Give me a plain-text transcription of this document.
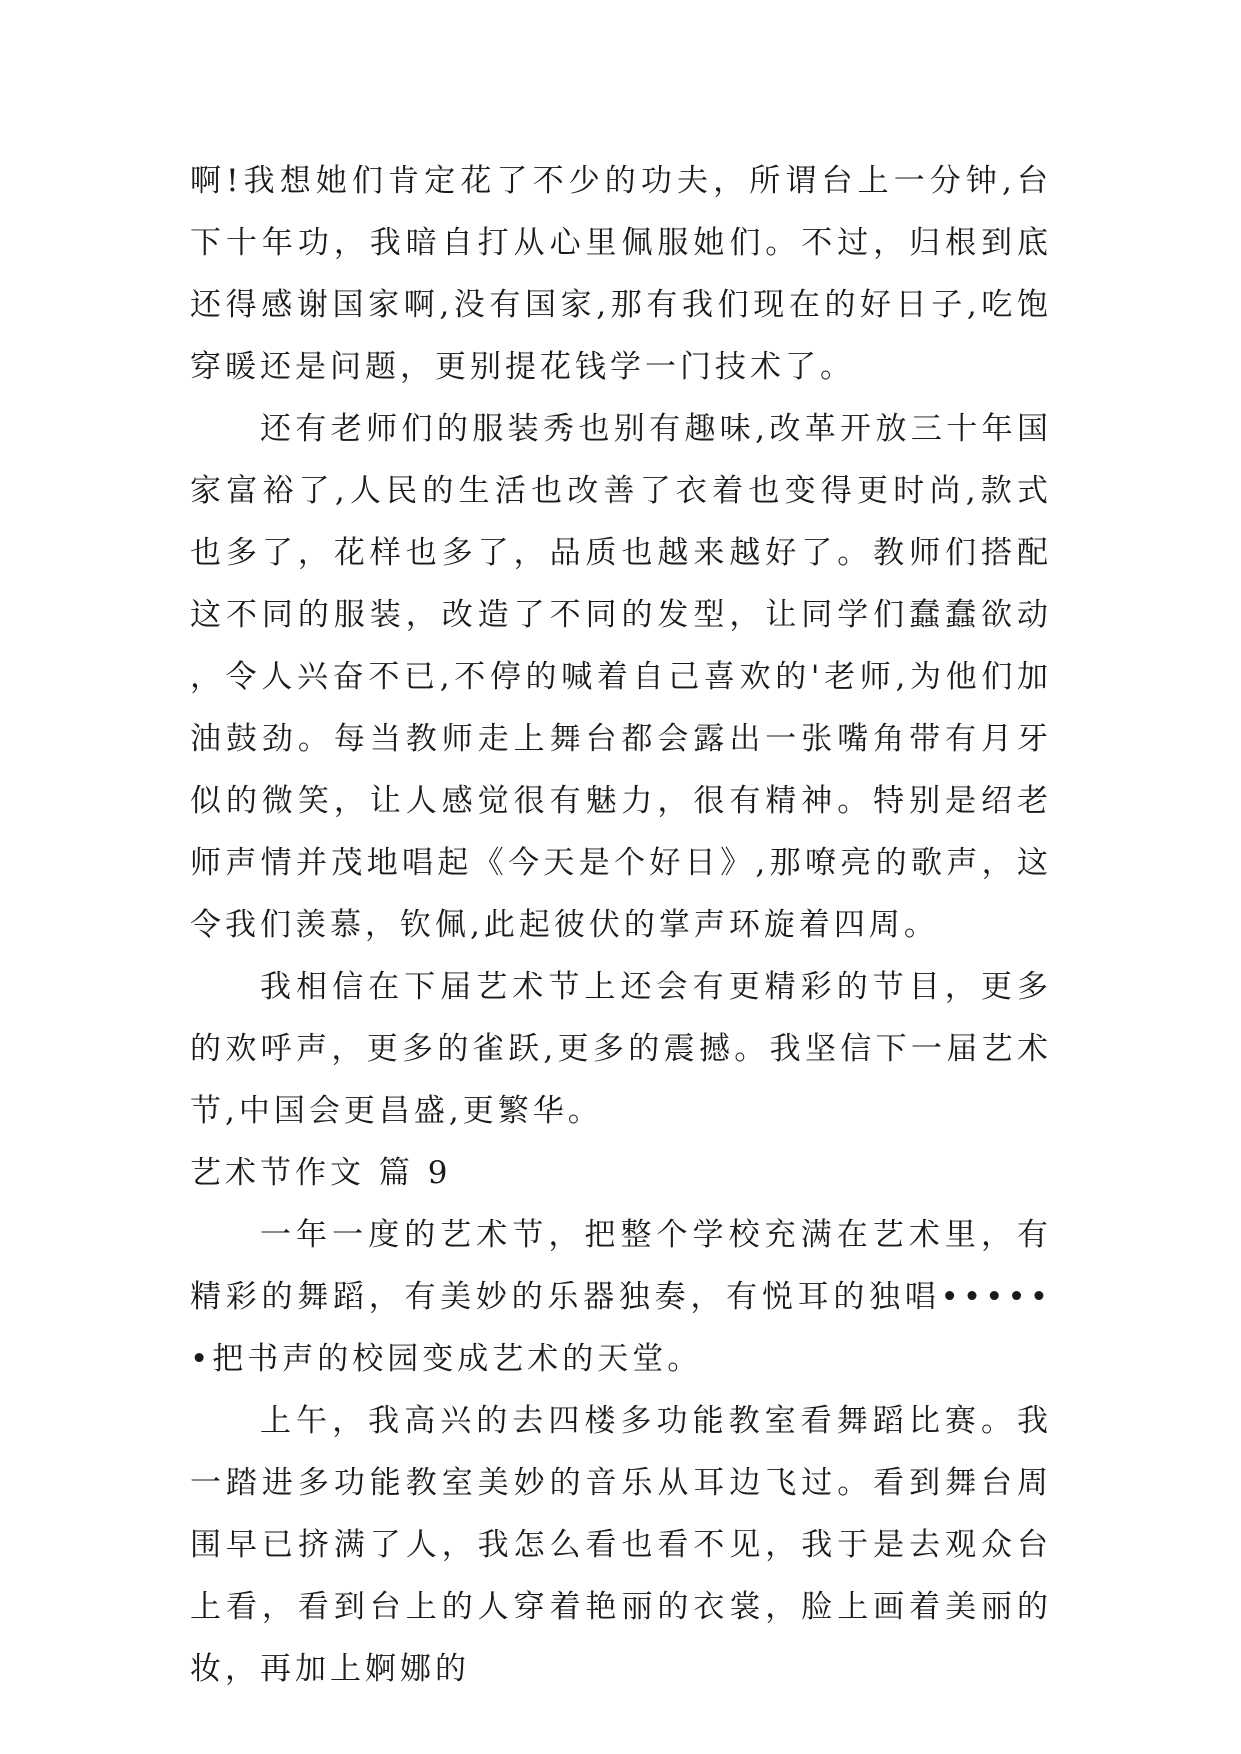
啊!我想她们肯定花了不少的功夫，所谓台上一分钟,台下十年功，我暗自打从心里佩服她们。不过，归根到底还得感谢国家啊,没有国家,那有我们现在的好日子,吃饱穿暖还是问题，更别提花钱学一门技术了。

还有老师们的服装秀也别有趣味,改革开放三十年国家富裕了,人民的生活也改善了衣着也变得更时尚,款式也多了，花样也多了，品质也越来越好了。教师们搭配这不同的服装，改造了不同的发型，让同学们蠢蠢欲动，令人兴奋不已,不停的喊着自己喜欢的'老师,为他们加油鼓劲。每当教师走上舞台都会露出一张嘴角带有月牙似的微笑，让人感觉很有魅力，很有精神。特别是绍老师声情并茂地唱起《今天是个好日》,那嘹亮的歌声，这令我们羡慕，钦佩,此起彼伏的掌声环旋着四周。

我相信在下届艺术节上还会有更精彩的节目，更多的欢呼声，更多的雀跃,更多的震撼。我坚信下一届艺术节,中国会更昌盛,更繁华。

艺术节作文 篇 9

一年一度的艺术节，把整个学校充满在艺术里，有精彩的舞蹈，有美妙的乐器独奏，有悦耳的独唱••••••把书声的校园变成艺术的天堂。

上午，我高兴的去四楼多功能教室看舞蹈比赛。我一踏进多功能教室美妙的音乐从耳边飞过。看到舞台周围早已挤满了人，我怎么看也看不见，我于是去观众台上看，看到台上的人穿着艳丽的衣裳，脸上画着美丽的妆，再加上婀娜的
